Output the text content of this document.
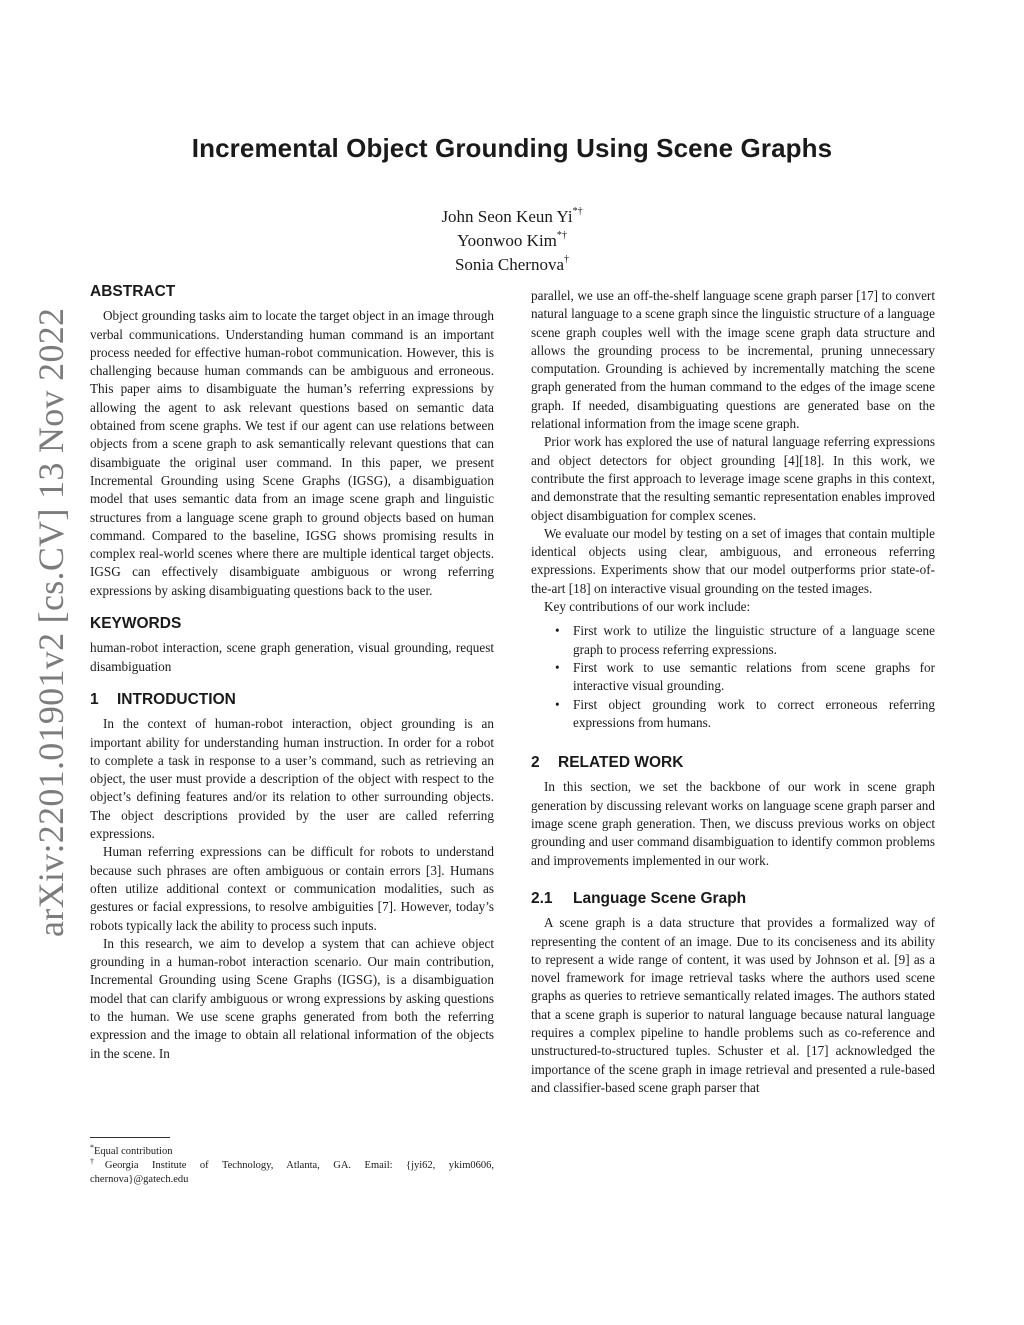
Incremental Object Grounding Using Scene Graphs
John Seon Keun Yi*†
Yoonwoo Kim*†
Sonia Chernova†
arXiv:2201.01901v2 [cs.CV] 13 Nov 2022
ABSTRACT

Object grounding tasks aim to locate the target object in an image through verbal communications. Understanding human command is an important process needed for effective human-robot communication. However, this is challenging because human commands can be ambiguous and erroneous. This paper aims to disambiguate the human’s referring expressions by allowing the agent to ask relevant questions based on semantic data obtained from scene graphs. We test if our agent can use relations between objects from a scene graph to ask semantically relevant questions that can disambiguate the original user command. In this paper, we present Incremental Grounding using Scene Graphs (IGSG), a disambiguation model that uses semantic data from an image scene graph and linguistic structures from a language scene graph to ground objects based on human command. Compared to the baseline, IGSG shows promising results in complex real-world scenes where there are multiple identical target objects. IGSG can effectively disambiguate ambiguous or wrong referring expressions by asking disambiguating questions back to the user.

KEYWORDS

human-robot interaction, scene graph generation, visual grounding, request disambiguation

1 INTRODUCTION

In the context of human-robot interaction, object grounding is an important ability for understanding human instruction. In order for a robot to complete a task in response to a user’s command, such as retrieving an object, the user must provide a description of the object with respect to the object’s defining features and/or its relation to other surrounding objects. The object descriptions provided by the user are called referring expressions.

Human referring expressions can be difficult for robots to understand because such phrases are often ambiguous or contain errors [3]. Humans often utilize additional context or communication modalities, such as gestures or facial expressions, to resolve ambiguities [7]. However, today’s robots typically lack the ability to process such inputs.

In this research, we aim to develop a system that can achieve object grounding in a human-robot interaction scenario. Our main contribution, Incremental Grounding using Scene Graphs (IGSG), is a disambiguation model that can clarify ambiguous or wrong expressions by asking questions to the human. We use scene graphs generated from both the referring expression and the image to obtain all relational information of the objects in the scene. In

parallel, we use an off-the-shelf language scene graph parser [17] to convert natural language to a scene graph since the linguistic structure of a language scene graph couples well with the image scene graph data structure and allows the grounding process to be incremental, pruning unnecessary computation. Grounding is achieved by incrementally matching the scene graph generated from the human command to the edges of the image scene graph. If needed, disambiguating questions are generated base on the relational information from the image scene graph.

Prior work has explored the use of natural language referring expressions and object detectors for object grounding [4][18]. In this work, we contribute the first approach to leverage image scene graphs in this context, and demonstrate that the resulting semantic representation enables improved object disambiguation for complex scenes.

We evaluate our model by testing on a set of images that contain multiple identical objects using clear, ambiguous, and erroneous referring expressions. Experiments show that our model outperforms prior state-of-the-art [18] on interactive visual grounding on the tested images.

Key contributions of our work include:

• First work to utilize the linguistic structure of a language scene graph to process referring expressions.
• First work to use semantic relations from scene graphs for interactive visual grounding.
• First object grounding work to correct erroneous referring expressions from humans.
2 RELATED WORK

In this section, we set the backbone of our work in scene graph generation by discussing relevant works on language scene graph parser and image scene graph generation. Then, we discuss previous works on object grounding and user command disambiguation to identify common problems and improvements implemented in our work.

2.1 Language Scene Graph

A scene graph is a data structure that provides a formalized way of representing the content of an image. Due to its conciseness and its ability to represent a wide range of content, it was used by Johnson et al. [9] as a novel framework for image retrieval tasks where the authors used scene graphs as queries to retrieve semantically related images. The authors stated that a scene graph is superior to natural language because natural language requires a complex pipeline to handle problems such as co-reference and unstructured-to-structured tuples. Schuster et al. [17] acknowledged the importance of the scene graph in image retrieval and presented a rule-based and classifier-based scene graph parser that

*Equal contribution
†Georgia Institute of Technology, Atlanta, GA. Email: {jyi62, ykim0606, chernova}@gatech.edu
